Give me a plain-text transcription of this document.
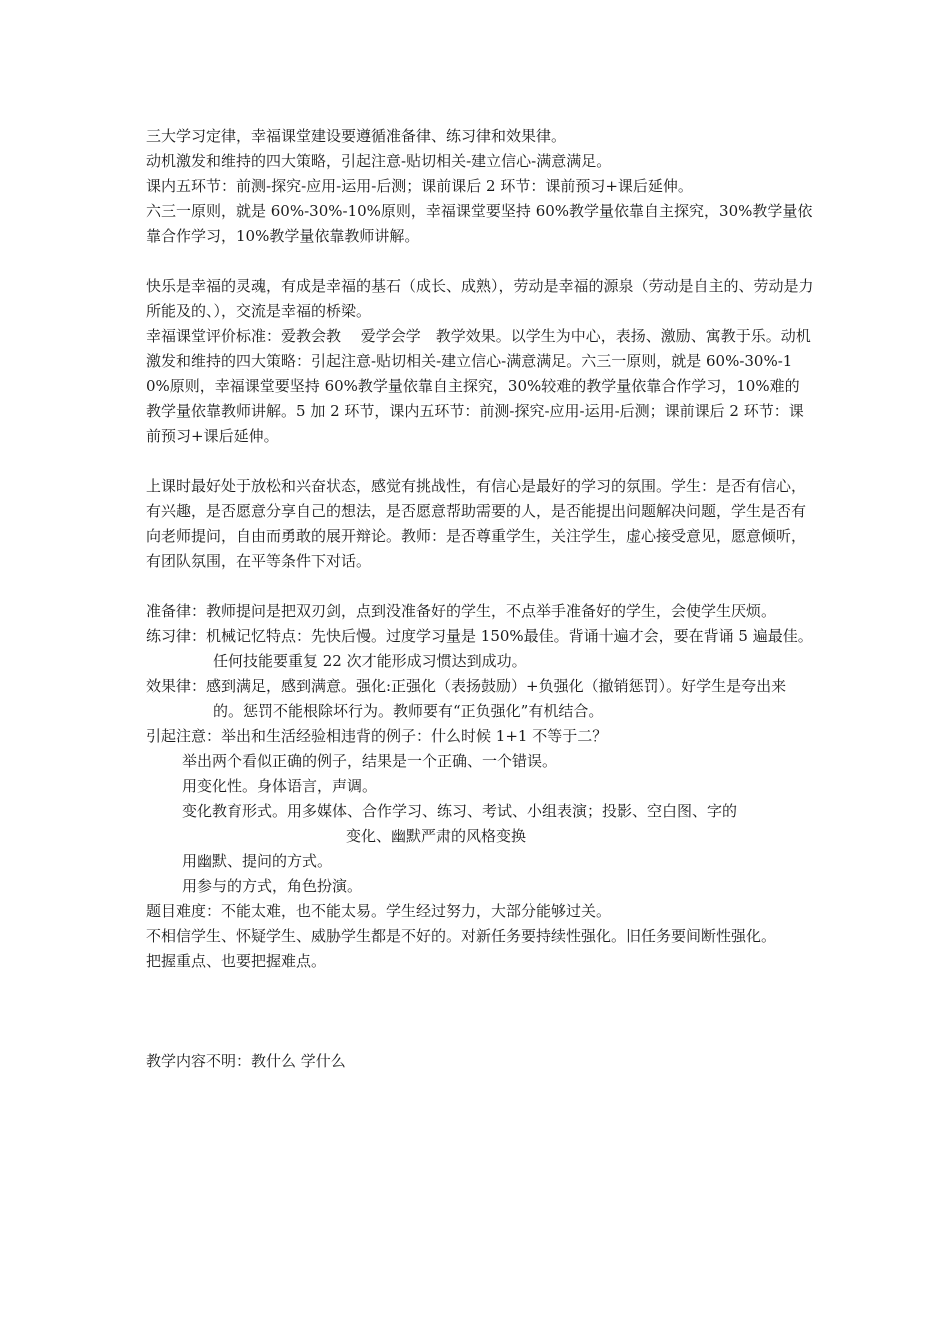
三大学习定律，幸福课堂建设要遵循准备律、练习律和效果律。

动机激发和维持的四大策略，引起注意-贴切相关-建立信心-满意满足。

课内五环节：前测-探究-应用-运用-后测；课前课后 2 环节：课前预习+课后延伸。

六三一原则，就是 60%-30%-10%原则，幸福课堂要坚持 60%教学量依靠自主探究，30%教学量依靠合作学习，10%教学量依靠教师讲解。

快乐是幸福的灵魂，有成是幸福的基石（成长、成熟），劳动是幸福的源泉（劳动是自主的、劳动是力所能及的、），交流是幸福的桥梁。

幸福课堂评价标准：爱教会教　 爱学会学　教学效果。以学生为中心，表扬、激励、寓教于乐。动机激发和维持的四大策略：引起注意-贴切相关-建立信心-满意满足。六三一原则，就是 60%-30%-10%原则，幸福课堂要坚持 60%教学量依靠自主探究，30%较难的教学量依靠合作学习，10%难的教学量依靠教师讲解。5 加 2 环节，课内五环节：前测-探究-应用-运用-后测；课前课后 2 环节：课前预习+课后延伸。

上课时最好处于放松和兴奋状态，感觉有挑战性，有信心是最好的学习的氛围。学生：是否有信心，有兴趣，是否愿意分享自己的想法，是否愿意帮助需要的人，是否能提出问题解决问题，学生是否有向老师提问，自由而勇敢的展开辩论。教师：是否尊重学生，关注学生，虚心接受意见，愿意倾听，有团队氛围，在平等条件下对话。

准备律：教师提问是把双刃剑，点到没准备好的学生，不点举手准备好的学生，会使学生厌烦。

练习律：机械记忆特点：先快后慢。过度学习量是 150%最佳。背诵十遍才会，要在背诵 5 遍最佳。任何技能要重复 22 次才能形成习惯达到成功。

效果律：感到满足，感到满意。强化:正强化（表扬鼓励）+负强化（撤销惩罚）。好学生是夸出来的。惩罚不能根除坏行为。教师要有“正负强化”有机结合。

引起注意：举出和生活经验相违背的例子：什么时候 1+1 不等于二？

举出两个看似正确的例子，结果是一个正确、一个错误。

用变化性。身体语言，声调。

变化教育形式。用多媒体、合作学习、练习、考试、小组表演；投影、空白图、字的
变化、幽默严肃的风格变换

用幽默、提问的方式。

用参与的方式，角色扮演。

题目难度：不能太难，也不能太易。学生经过努力，大部分能够过关。

不相信学生、怀疑学生、威胁学生都是不好的。对新任务要持续性强化。旧任务要间断性强化。

把握重点、也要把握难点。

教学内容不明：教什么 学什么
